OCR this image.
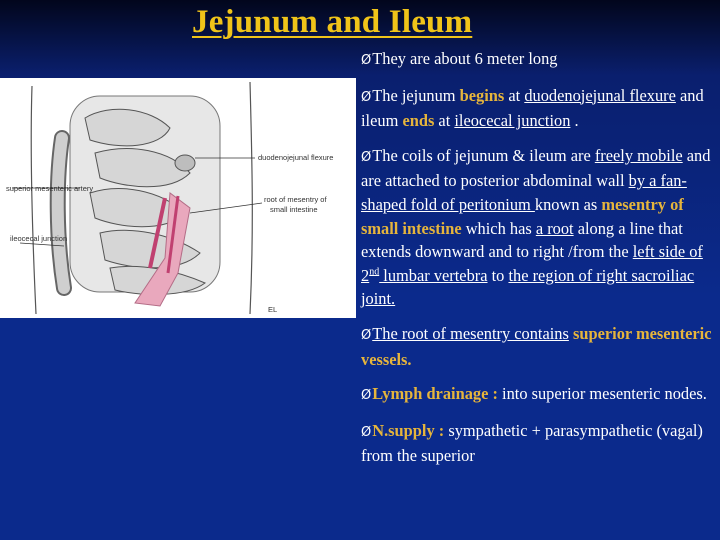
Jejunum and Ileum
duodenojejunal flexure
superior mesenteric artery
root of mesentry of
small intestine
ileocecal junction
EL
ØThey are about 6 meter long
ØThe jejunum begins at duodenojejunal flexure and ileum ends at ileocecal junction .
ØThe coils of jejunum & ileum are freely mobile and are attached to posterior abdominal wall by a fan-shaped fold of peritonium known as mesentry of small intestine which has a root along a line that extends downward and to right /from the left side of 2nd lumbar vertebra to the region of right sacroiliac joint.
ØThe root of mesentry contains superior mesenteric vessels.
ØLymph drainage : into superior mesenteric nodes.
ØN.supply : sympathetic + parasympathetic (vagal) from the superior
